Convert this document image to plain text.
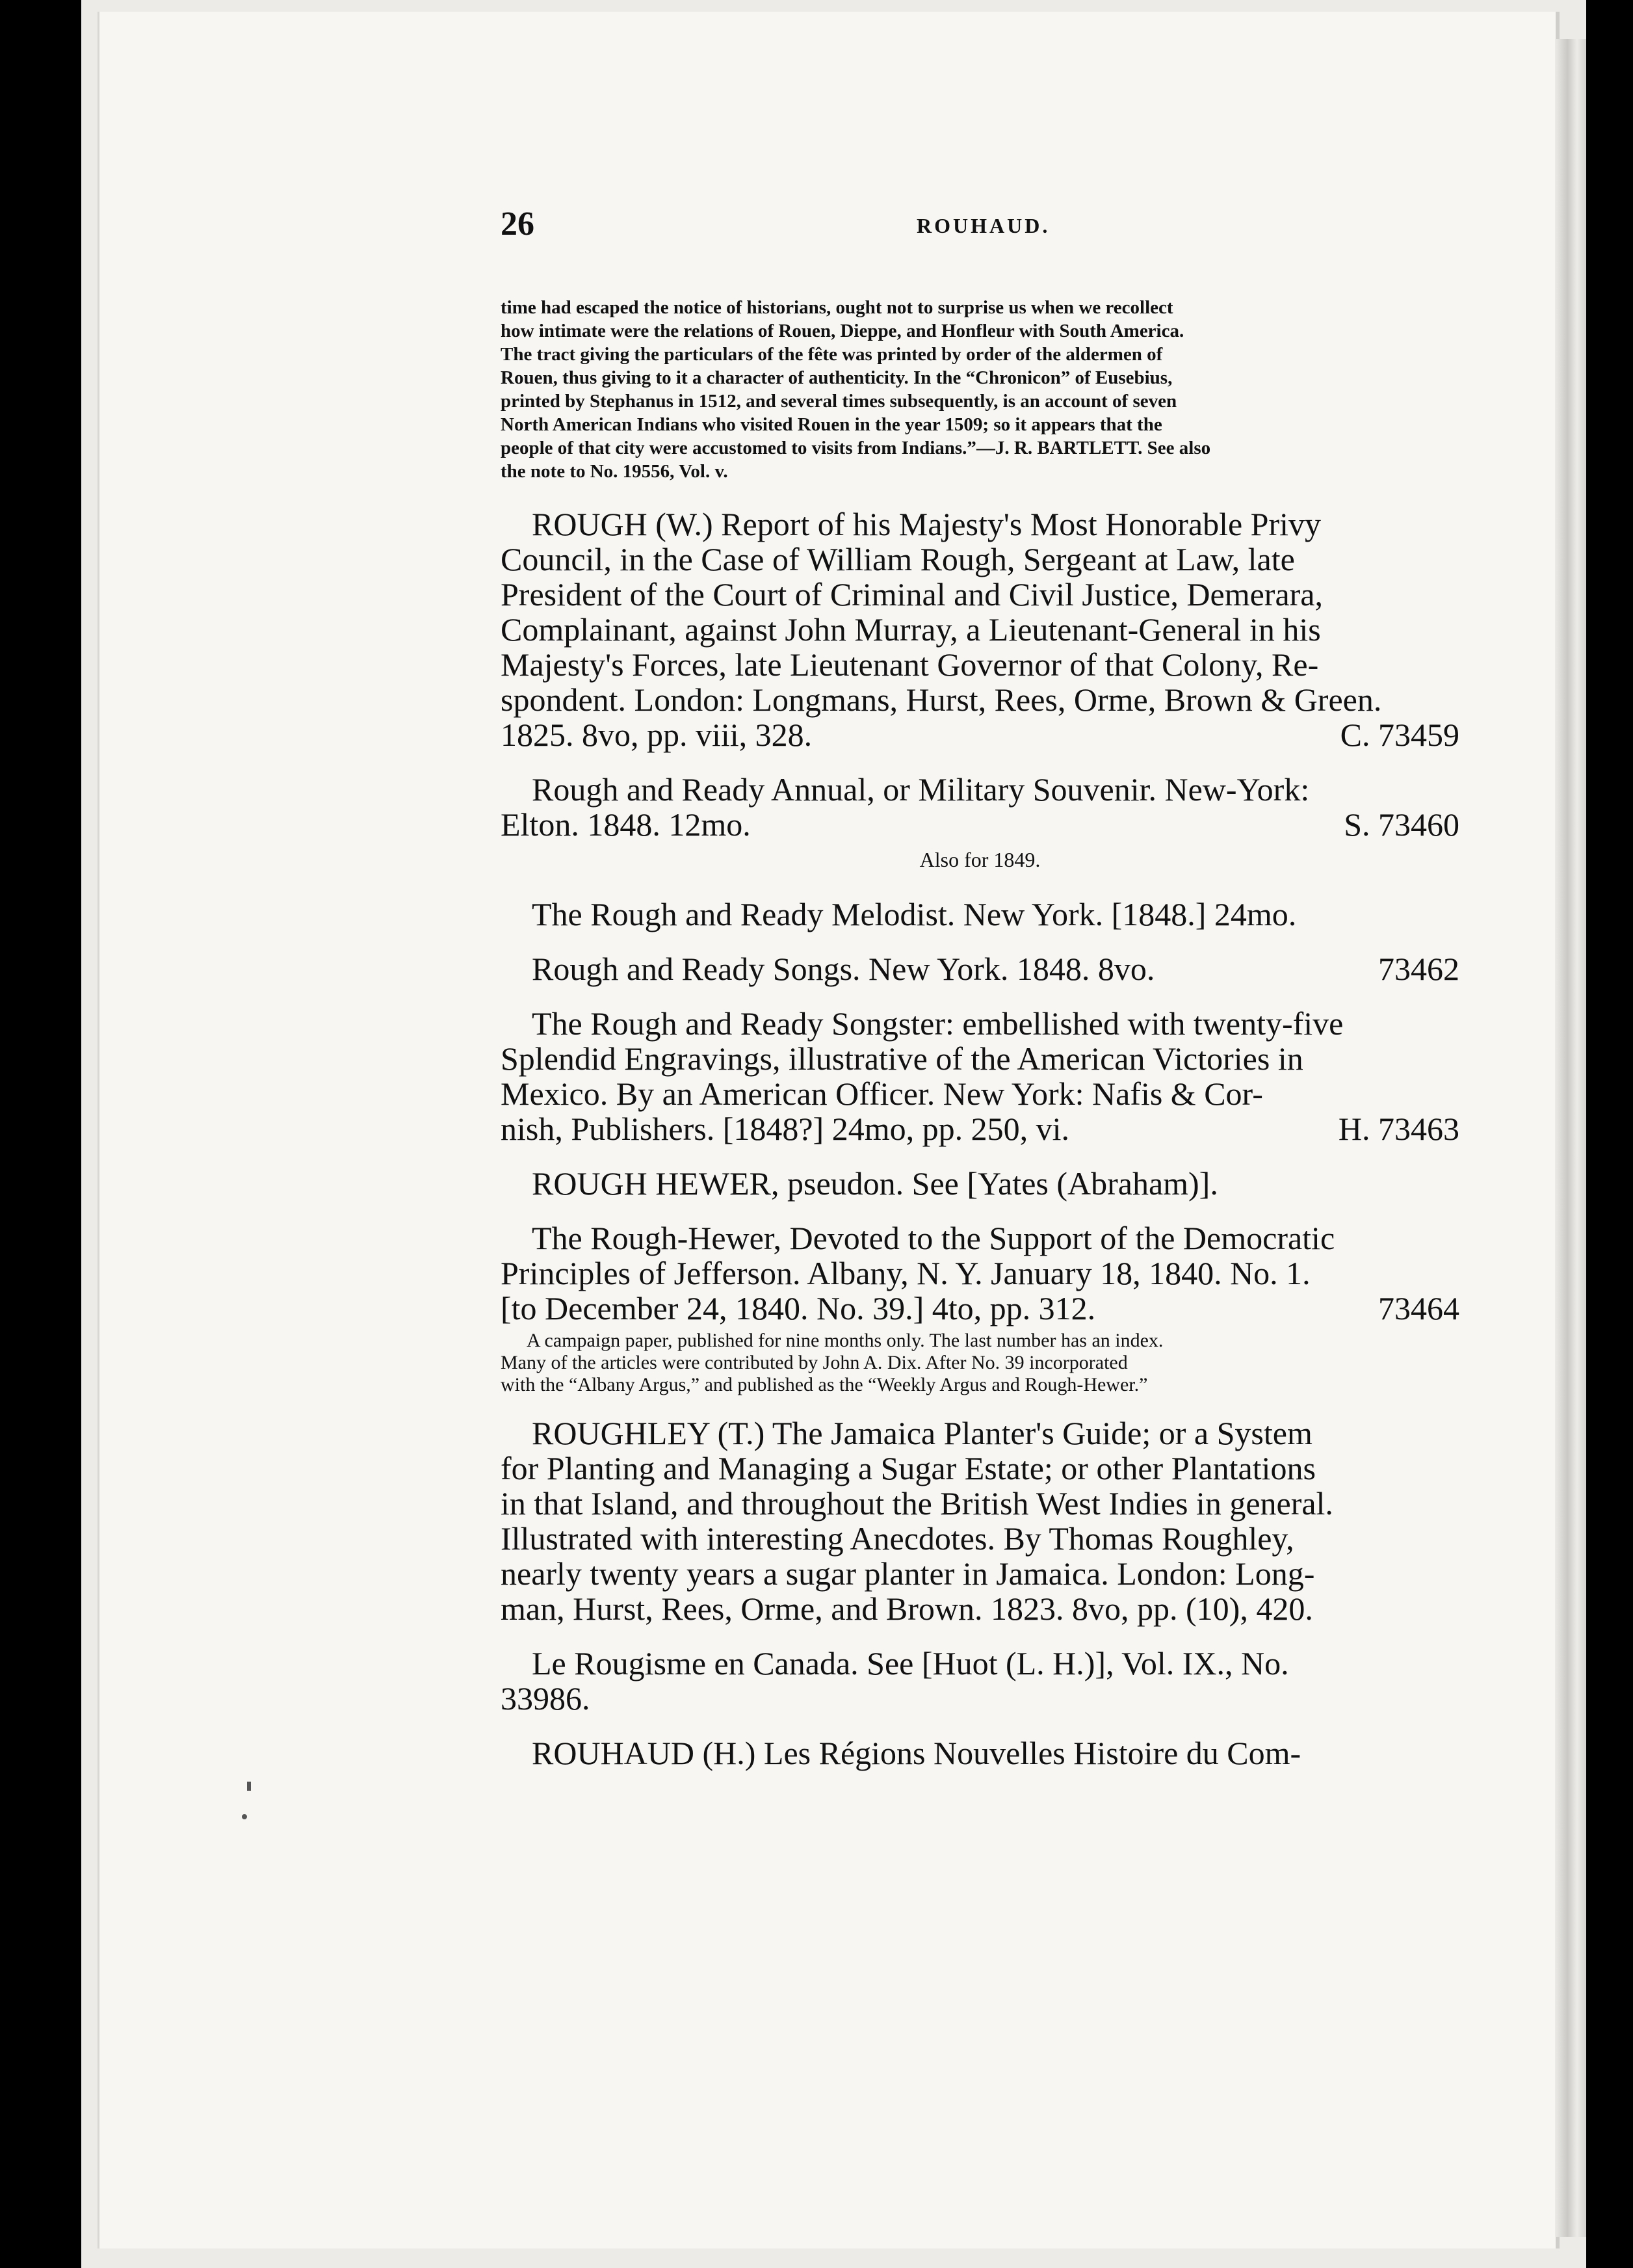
26	ROUHAUD.

time had escaped the notice of historians, ought not to surprise us when we recollect

how intimate were the relations of Rouen, Dieppe, and Honfleur with South America.

The tract giving the particulars of the fête was printed by order of the aldermen of

Rouen, thus giving to it a character of authenticity. In the “Chronicon” of Eusebius,

printed by Stephanus in 1512, and several times subsequently, is an account of seven

North American Indians who visited Rouen in the year 1509; so it appears that the

people of that city were accustomed to visits from Indians.”—J. R. BARTLETT. See also

the note to No. 19556, Vol. v.

ROUGH (W.) Report of his Majesty's Most Honorable Privy

Council, in the Case of William Rough, Sergeant at Law, late

President of the Court of Criminal and Civil Justice, Demerara,

Complainant, against John Murray, a Lieutenant-General in his

Majesty's Forces, late Lieutenant Governor of that Colony, Re-

spondent. London: Longmans, Hurst, Rees, Orme, Brown & Green.

1825. 8vo, pp. viii, 328.	C. 73459

Rough and Ready Annual, or Military Souvenir. New-York:

Elton. 1848. 12mo.	S. 73460

Also for 1849.

The Rough and Ready Melodist. New York. [1848.] 24mo.

Rough and Ready Songs. New York. 1848. 8vo.	73462

The Rough and Ready Songster: embellished with twenty-five

Splendid Engravings, illustrative of the American Victories in

Mexico. By an American Officer. New York: Nafis & Cor-

nish, Publishers. [1848?] 24mo, pp. 250, vi.	H. 73463

ROUGH HEWER, pseudon. See [Yates (Abraham)].

The Rough-Hewer, Devoted to the Support of the Democratic

Principles of Jefferson. Albany, N. Y. January 18, 1840. No. 1.

[to December 24, 1840. No. 39.] 4to, pp. 312.	73464

A campaign paper, published for nine months only. The last number has an index.

Many of the articles were contributed by John A. Dix. After No. 39 incorporated

with the “Albany Argus,” and published as the “Weekly Argus and Rough-Hewer.”

ROUGHLEY (T.) The Jamaica Planter's Guide; or a System

for Planting and Managing a Sugar Estate; or other Plantations

in that Island, and throughout the British West Indies in general.

Illustrated with interesting Anecdotes. By Thomas Roughley,

nearly twenty years a sugar planter in Jamaica. London: Long-

man, Hurst, Rees, Orme, and Brown. 1823. 8vo, pp. (10), 420.

Le Rougisme en Canada. See [Huot (L. H.)], Vol. IX., No.

33986.

ROUHAUD (H.) Les Régions Nouvelles Histoire du Com-
